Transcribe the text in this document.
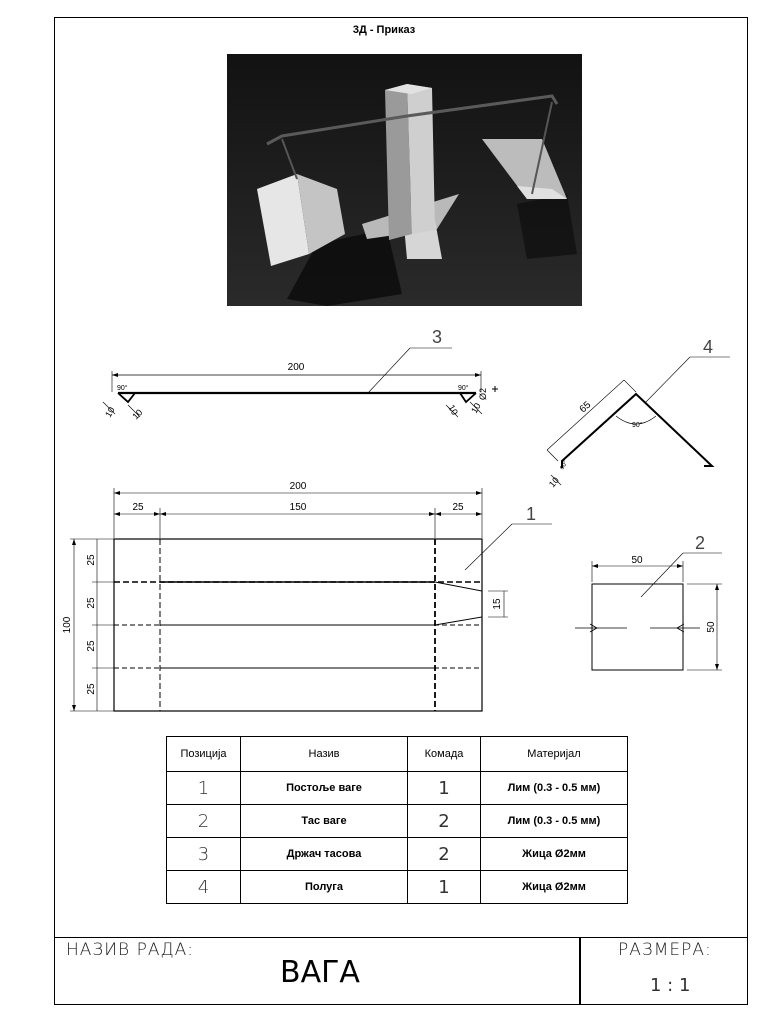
3Д - Приказ
200
3
90°	90° Ø2
10 10	10 10
4
65
90°
90°
10
200
25	150	25
100
25
25
25
25
15
1
50
50
2
Позиција	Назив	Комада	Материјал
1	Постоље ваге	1	Лим (0.3 - 0.5 мм)
2	Тас ваге	2	Лим (0.3 - 0.5 мм)
3	Држач тасова	2	Жица Ø2мм
4	Полуга	1	Жица Ø2мм
НАЗИВ РАДА:
ВАГА
РАЗМЕРА:
1 : 1
